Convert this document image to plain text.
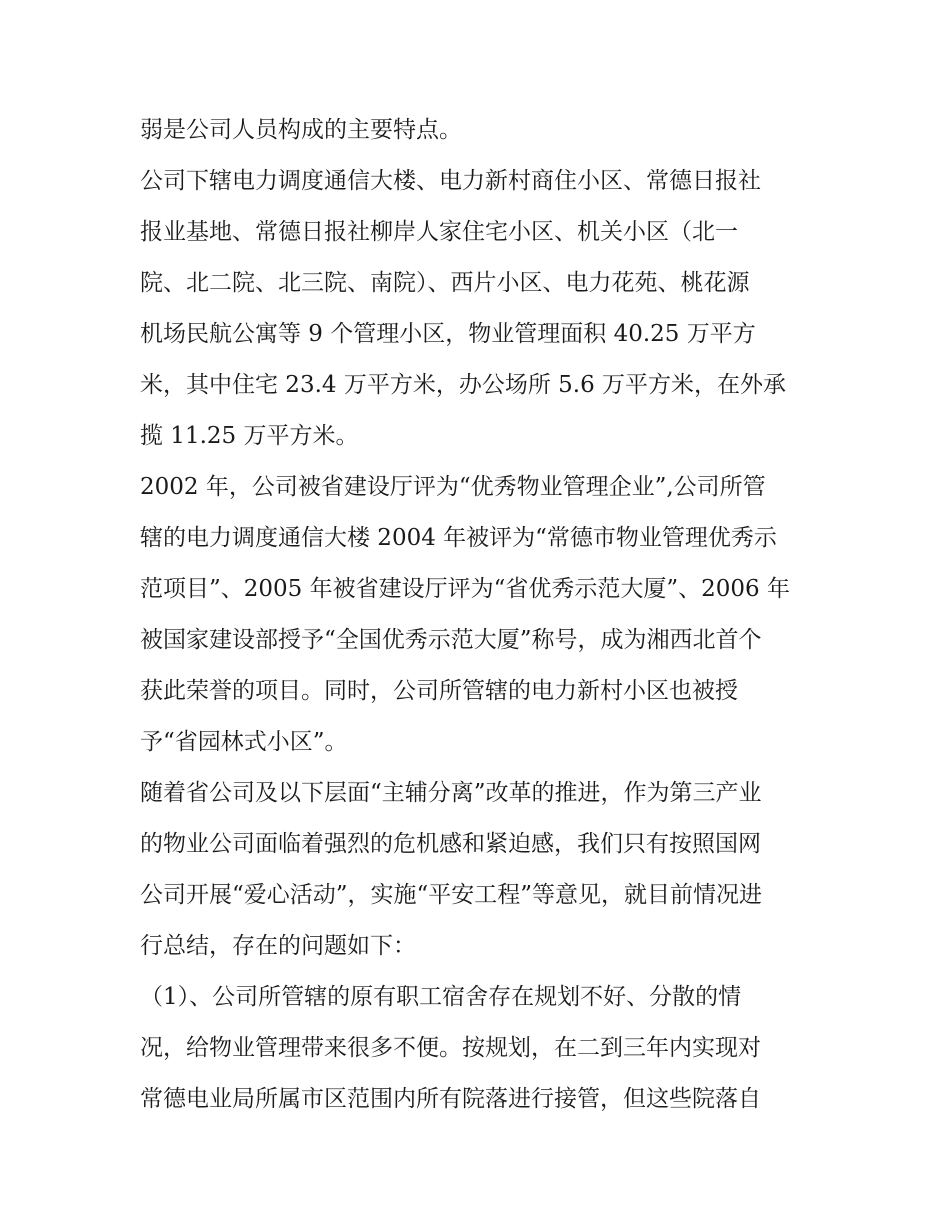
弱是公司人员构成的主要特点。
公司下辖电力调度通信大楼、电力新村商住小区、常德日报社
报业基地、常德日报社柳岸人家住宅小区、机关小区（北一
院、北二院、北三院、南院）、西片小区、电力花苑、桃花源
机场民航公寓等 9 个管理小区，物业管理面积 40.25 万平方
米，其中住宅 23.4 万平方米，办公场所 5.6 万平方米，在外承
揽 11.25 万平方米。
2002 年，公司被省建设厅评为“优秀物业管理企业”,公司所管
辖的电力调度通信大楼 2004 年被评为“常德市物业管理优秀示
范项目”、2005 年被省建设厅评为“省优秀示范大厦”、2006 年
被国家建设部授予“全国优秀示范大厦”称号，成为湘西北首个
获此荣誉的项目。同时，公司所管辖的电力新村小区也被授
予“省园林式小区”。
随着省公司及以下层面“主辅分离”改革的推进，作为第三产业
的物业公司面临着强烈的危机感和紧迫感，我们只有按照国网
公司开展“爱心活动”，实施“平安工程”等意见，就目前情况进
行总结，存在的问题如下：
（1）、公司所管辖的原有职工宿舍存在规划不好、分散的情
况，给物业管理带来很多不便。按规划，在二到三年内实现对
常德电业局所属市区范围内所有院落进行接管，但这些院落自
